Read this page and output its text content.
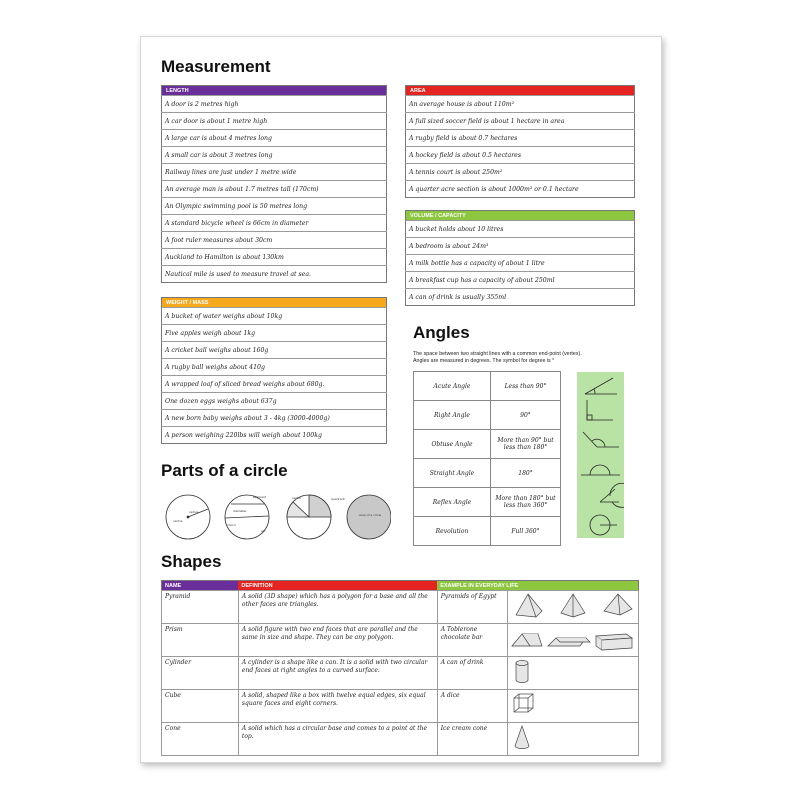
Measurement
LENGTH
A door is 2 metres high
A car door is about 1 metre high
A large car is about 4 metres long
A small car is about 3 metres long
Railway lines are just under 1 metre wide
An average man is about 1.7 metres tall (170cm)
An Olympic swimming pool is 50 metres long
A standard bicycle wheel is 66cm in diameter
A foot ruler measures about 30cm
Auckland to Hamilton is about 130km
Nautical mile is used to measure travel at sea.
WEIGHT / MASS
A bucket of water weighs about 10kg
Five apples weigh about 1kg
A cricket ball weighs about 160g
A rugby ball weighs about 410g
A wrapped loaf of sliced bread weighs about 680g.
One dozen eggs weighs about 637g
A new born baby weighs about 3 - 4kg (3000-4000g)
A person weighing 220lbs will weigh about 100kg
AREA
An average house is about 110m²
A full sized soccer field is about 1 hectare in area
A rugby field is about 0.7 hectares
A hockey field is about 0.5 hectares
A tennis court is about 250m²
A quarter acre section is about 1000m² or 0.1 hectare
VOLUME / CAPACITY
A bucket holds about 10 litres
A bedroom is about 24m³
A milk bottle has a capacity of about 1 litre
A breakfast cup has a capacity of about 250ml
A can of drink is usually 355ml
Angles
The space between two straight lines with a common end-point (vertex).
Angles are measured in degrees. The symbol for degree is °
Acute Angle	Less than 90°
Right Angle	90°
Obtuse Angle	More than 90° but less than 180°
Straight Angle	180°
Reflex Angle	More than 180° but less than 360°
Revolution	Full 360°
Parts of a circle
radius
centre
diameter
segment
arc
chord
sector	quadrant
area of a circle
Shapes
NAME	DEFINITION	EXAMPLE IN EVERYDAY LIFE	
Pyramid	A solid (3D shape) which has a polygon for a base and all the other faces are triangles.	Pyramids of Egypt	
Prism	A solid figure with two end faces that are parallel and the same in size and shape. They can be any polygon.	A Toblerone chocolate bar	
Cylinder	A cylinder is a shape like a can. It is a solid with two circular end faces at right angles to a curved surface.	A can of drink	
Cube	A solid, shaped like a box with twelve equal edges, six equal square faces and eight corners.	A dice	
Cone	A solid which has a circular base and comes to a point at the top.	Ice cream cone	
